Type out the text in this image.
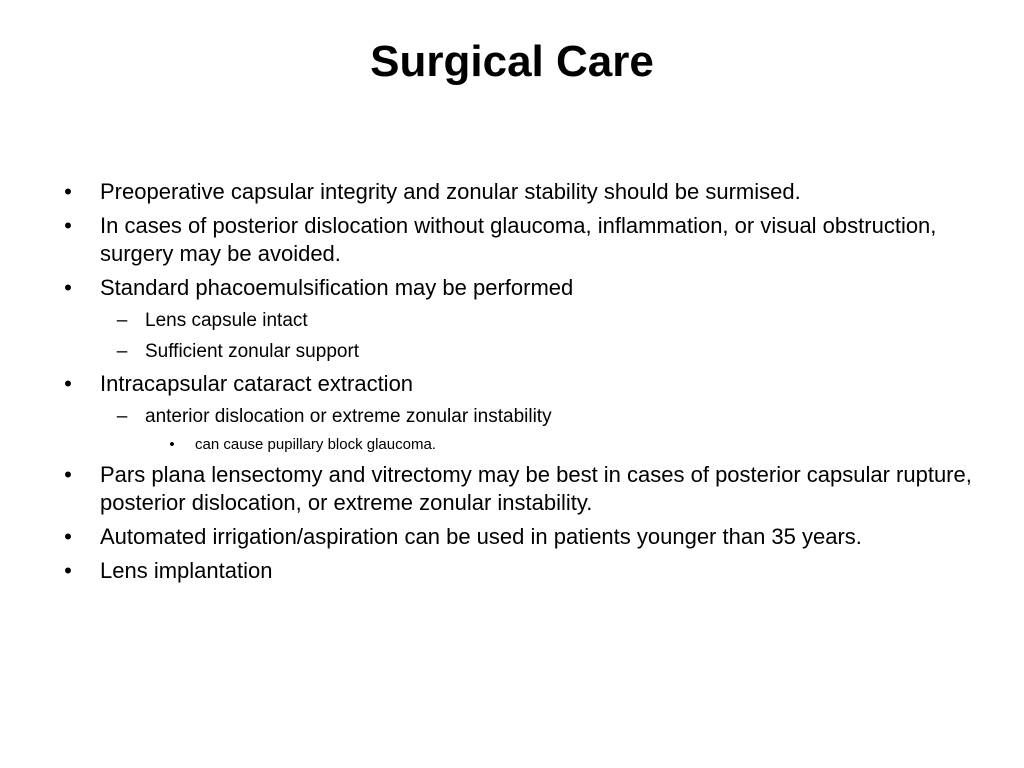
Surgical Care
• Preoperative capsular integrity and zonular stability should be surmised.
• In cases of posterior dislocation without glaucoma, inflammation, or visual obstruction, surgery may be avoided.
• Standard phacoemulsification may be performed
– Lens capsule intact
– Sufficient zonular support
• Intracapsular cataract extraction
– anterior dislocation or extreme zonular instability
•	can cause pupillary block glaucoma.
• Pars plana lensectomy and vitrectomy may be best in cases of posterior capsular rupture, posterior dislocation, or extreme zonular instability.
• Automated irrigation/aspiration can be used in patients younger than 35 years.
• Lens implantation
